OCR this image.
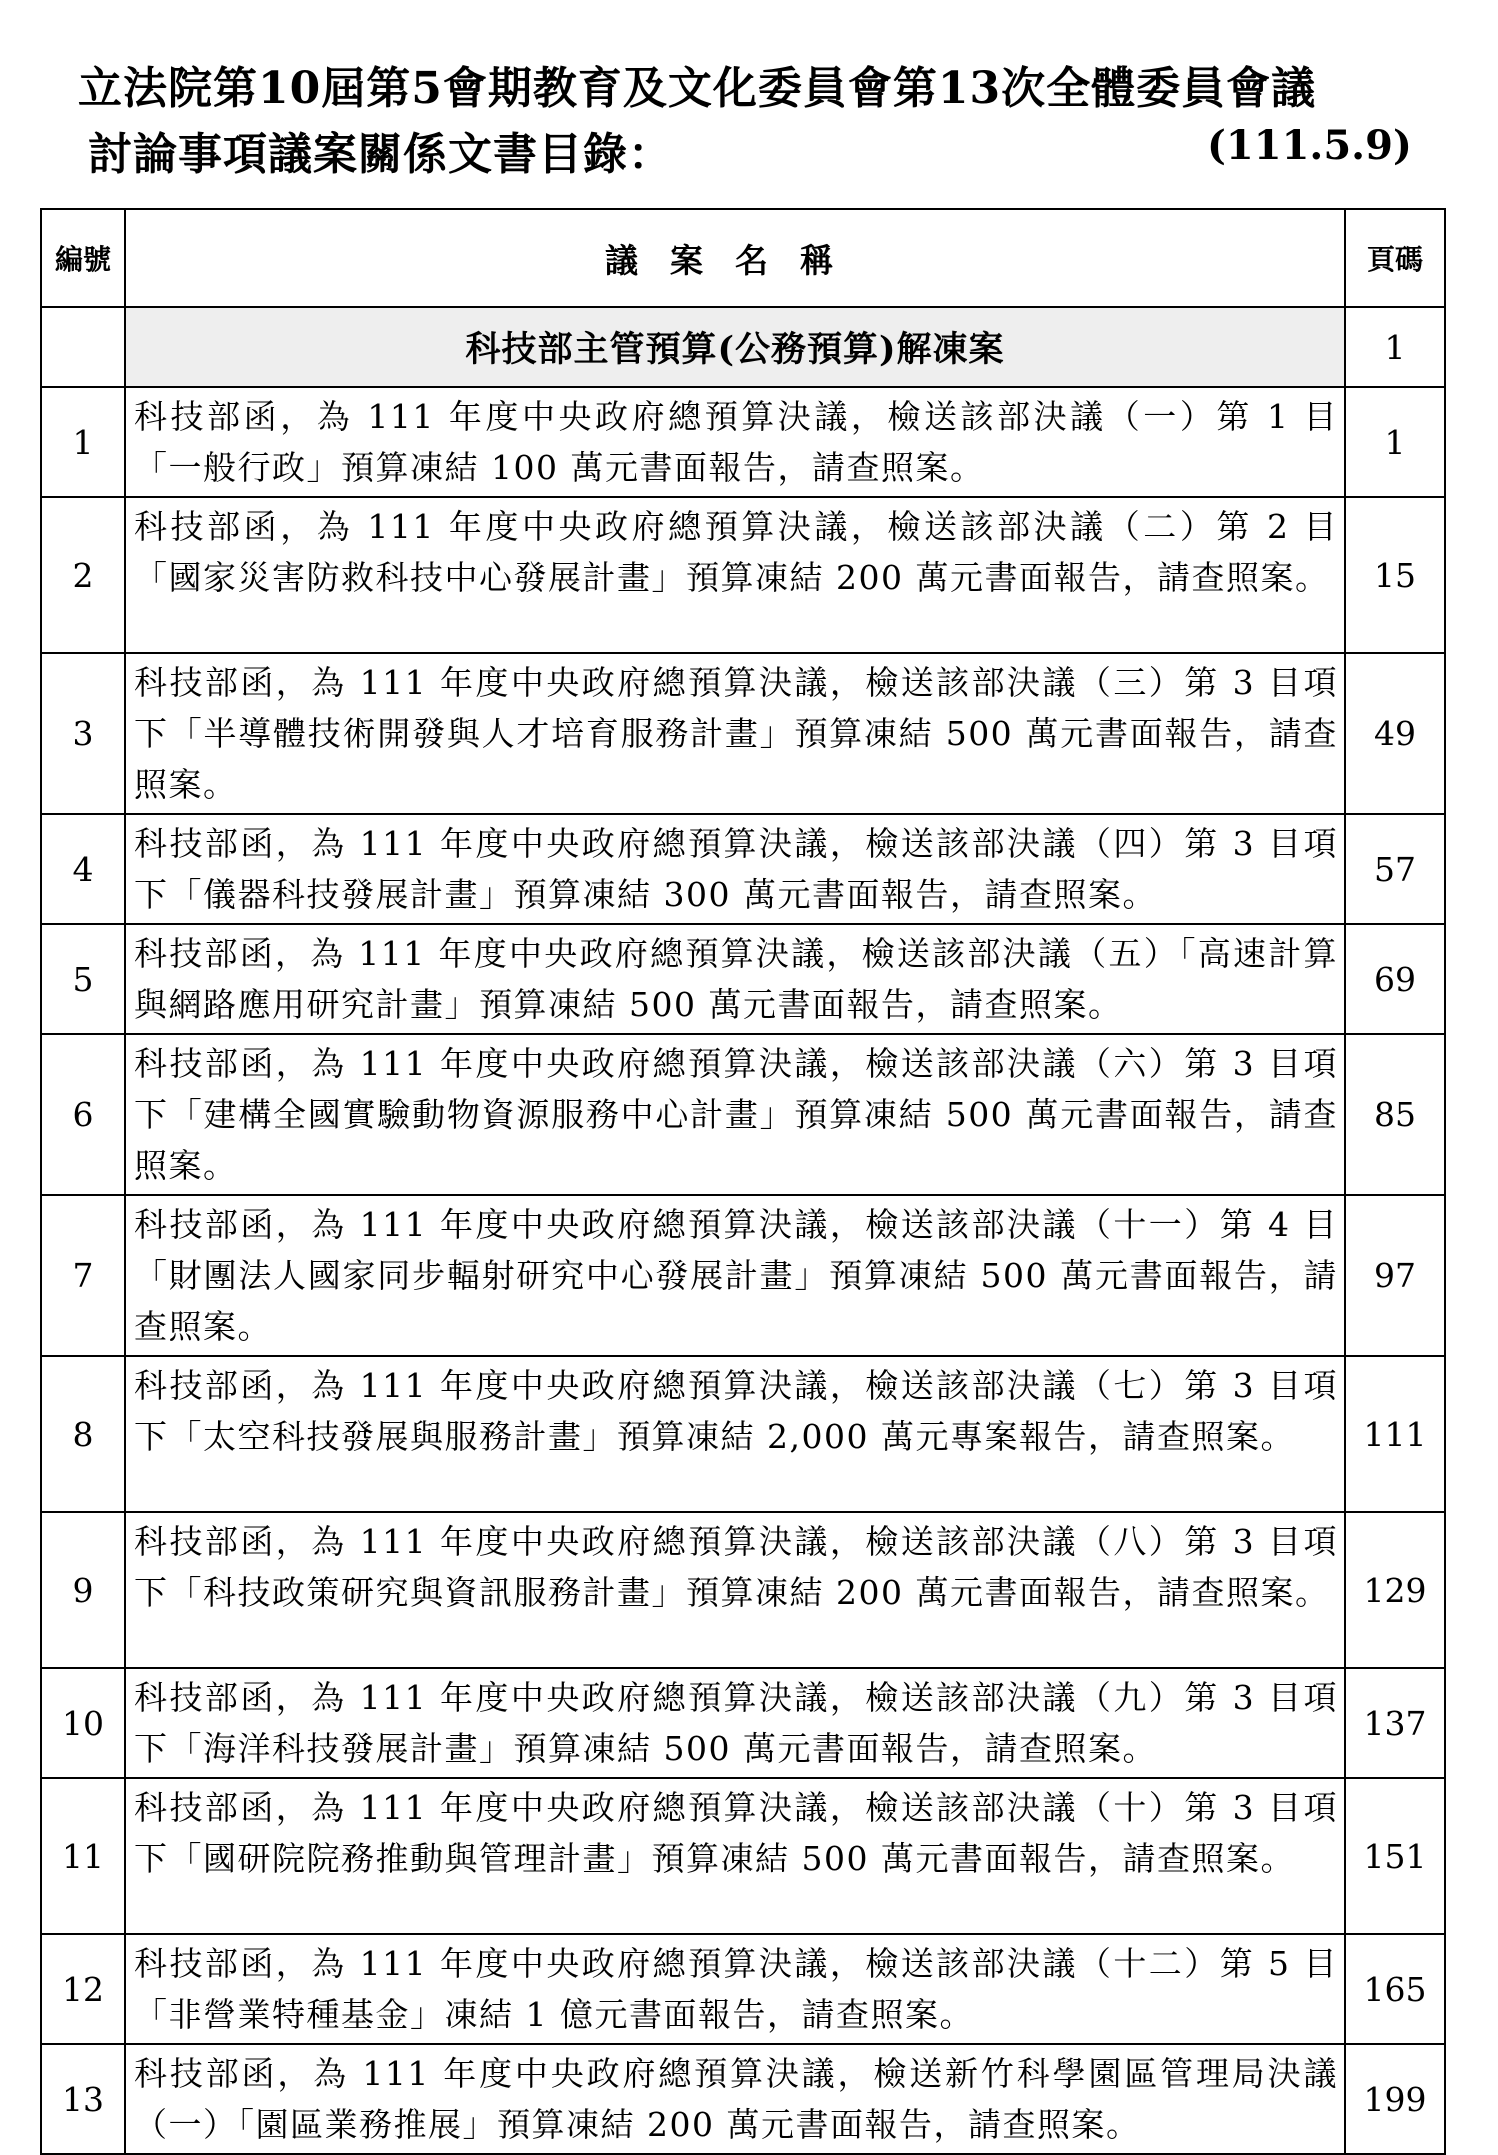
立法院第10屆第5會期教育及文化委員會第13次全體委員會議
討論事項議案關係文書目錄：	(111.5.9)
編號	議案名稱	頁碼
	科技部主管預算(公務預算)解凍案	1
1	科技部函，為 111 年度中央政府總預算決議，檢送該部決議（一）第 1 目「一般行政」預算凍結 100 萬元書面報告，請查照案。	1
2	科技部函，為 111 年度中央政府總預算決議，檢送該部決議（二）第 2 目「國家災害防救科技中心發展計畫」預算凍結 200 萬元書面報告，請查照案。	15
3	科技部函，為 111 年度中央政府總預算決議，檢送該部決議（三）第 3 目項下「半導體技術開發與人才培育服務計畫」預算凍結 500 萬元書面報告，請查照案。	49
4	科技部函，為 111 年度中央政府總預算決議，檢送該部決議（四）第 3 目項下「儀器科技發展計畫」預算凍結 300 萬元書面報告，請查照案。	57
5	科技部函，為 111 年度中央政府總預算決議，檢送該部決議（五）「高速計算與網路應用研究計畫」預算凍結 500 萬元書面報告，請查照案。	69
6	科技部函，為 111 年度中央政府總預算決議，檢送該部決議（六）第 3 目項下「建構全國實驗動物資源服務中心計畫」預算凍結 500 萬元書面報告，請查照案。	85
7	科技部函，為 111 年度中央政府總預算決議，檢送該部決議（十一）第 4 目「財團法人國家同步輻射研究中心發展計畫」預算凍結 500 萬元書面報告，請查照案。	97
8	科技部函，為 111 年度中央政府總預算決議，檢送該部決議（七）第 3 目項下「太空科技發展與服務計畫」預算凍結 2,000 萬元專案報告，請查照案。	111
9	科技部函，為 111 年度中央政府總預算決議，檢送該部決議（八）第 3 目項下「科技政策研究與資訊服務計畫」預算凍結 200 萬元書面報告，請查照案。	129
10	科技部函，為 111 年度中央政府總預算決議，檢送該部決議（九）第 3 目項下「海洋科技發展計畫」預算凍結 500 萬元書面報告，請查照案。	137
11	科技部函，為 111 年度中央政府總預算決議，檢送該部決議（十）第 3 目項下「國研院院務推動與管理計畫」預算凍結 500 萬元書面報告，請查照案。	151
12	科技部函，為 111 年度中央政府總預算決議，檢送該部決議（十二）第 5 目「非營業特種基金」凍結 1 億元書面報告，請查照案。	165
13	科技部函，為 111 年度中央政府總預算決議，檢送新竹科學園區管理局決議（一）「園區業務推展」預算凍結 200 萬元書面報告，請查照案。	199
